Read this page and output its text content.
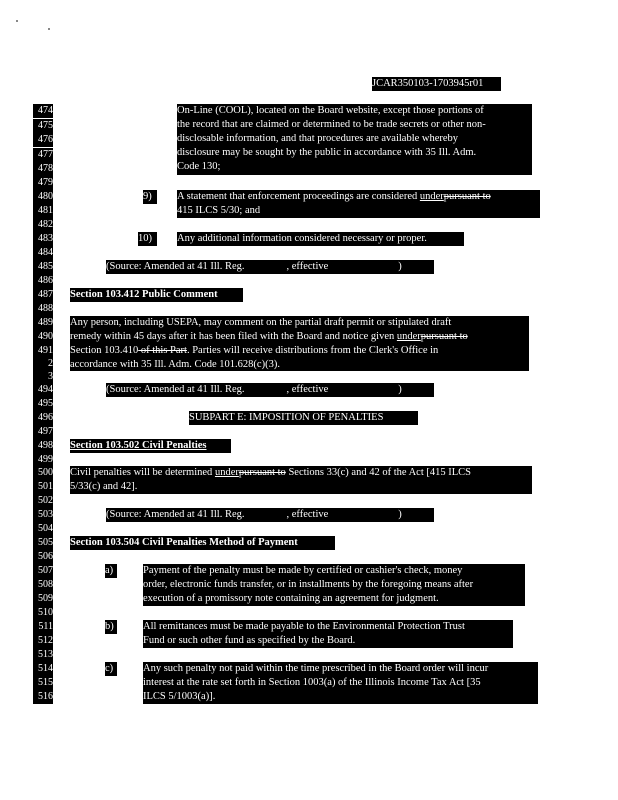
JCAR350103-1703945r01
474
475
476
477
478
479
480
481
482
483
484
485
486
487
488
489
490
491
2
3
494
495
496
497
498
499
500
501
502
503
504
505
506
507
508
509
510
511
512
513
514
515
516
On-Line (COOL), located on the Board website, except those portions of
the record that are claimed or determined to be trade secrets or other non-
disclosable information, and that procedures are available whereby
disclosure may be sought by the public in accordance with 35 Ill. Adm.
Code 130;
9)	A statement that enforcement proceedings are considered underpursuant to
415 ILCS 5/30; and
10)	Any additional information considered necessary or proper.
(Source: Amended at 41 Ill. Reg.	, effective	)
Section 103.412 Public Comment
Any person, including USEPA, may comment on the partial draft permit or stipulated draft
remedy within 45 days after it has been filed with the Board and notice given underpursuant to
Section 103.410 of this Part. Parties will receive distributions from the Clerk's Office in
accordance with 35 Ill. Adm. Code 101.628(c)(3).
(Source: Amended at 41 Ill. Reg.	, effective	)
SUBPART E: IMPOSITION OF PENALTIES
Section 103.502 Civil Penalties
Civil penalties will be determined underpursuant to Sections 33(c) and 42 of the Act [415 ILCS
5/33(c) and 42].
(Source: Amended at 41 Ill. Reg.	, effective	)
Section 103.504 Civil Penalties Method of Payment
a)	Payment of the penalty must be made by certified or cashier's check, money
order, electronic funds transfer, or in installments by the foregoing means after
execution of a promissory note containing an agreement for judgment.
b)	All remittances must be made payable to the Environmental Protection Trust
Fund or such other fund as specified by the Board.
c)	Any such penalty not paid within the time prescribed in the Board order will incur
interest at the rate set forth in Section 1003(a) of the Illinois Income Tax Act [35
ILCS 5/1003(a)].
